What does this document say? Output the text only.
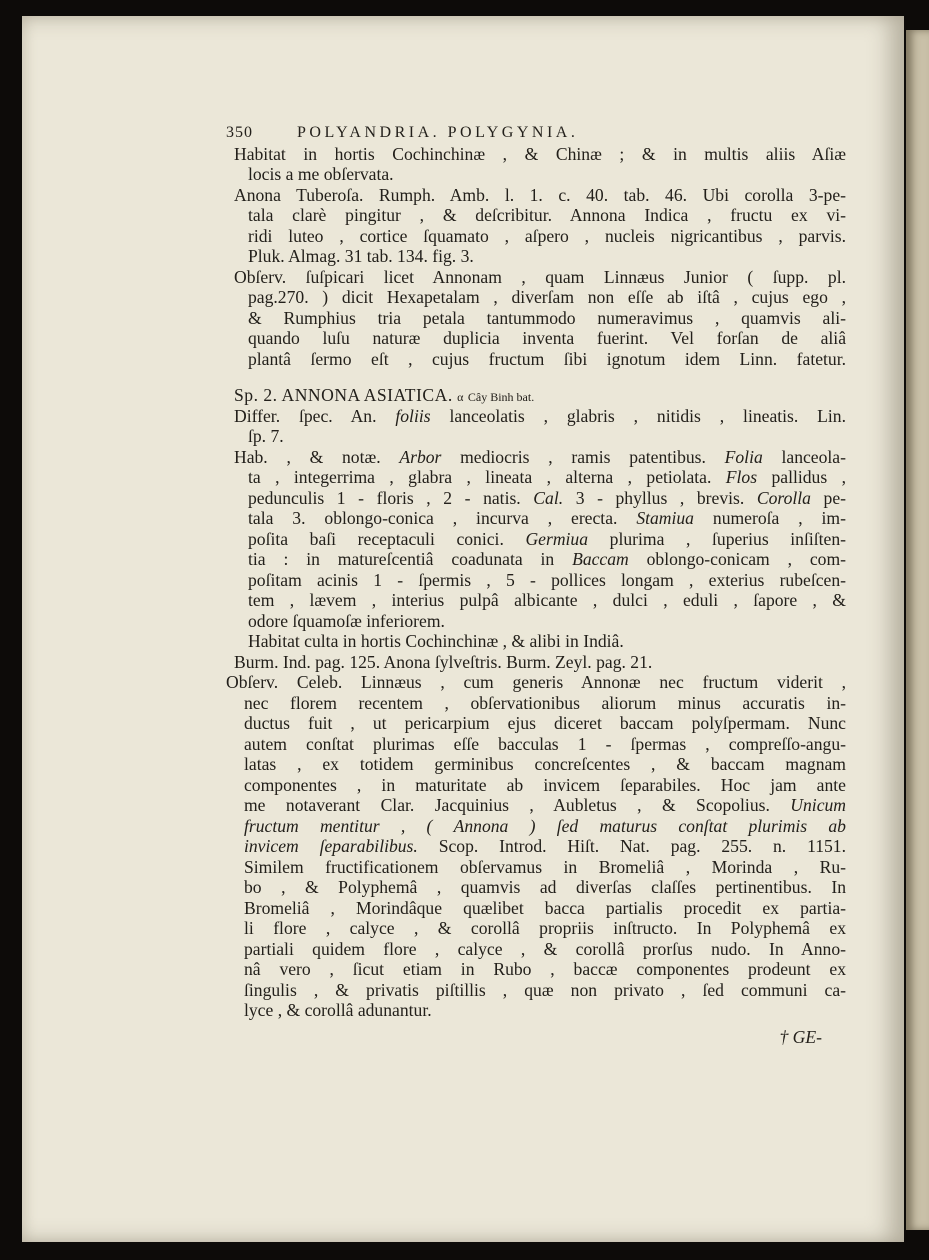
350	POLYANDRIA. POLYGYNIA.
Habitat in hortis Cochinchinæ , & Chinæ ; & in multis aliis Aſiæ
locis a me obſervata.
Anona Tuberoſa. Rumph. Amb. l. 1. c. 40. tab. 46. Ubi corolla 3-pe-
tala clarè pingitur , & deſcribitur. Annona Indica , fructu ex vi-
ridi luteo , cortice ſquamato , aſpero , nucleis nigricantibus , parvis.
Pluk. Almag. 31 tab. 134. fig. 3.
Obſerv. ſuſpicari licet Annonam , quam Linnæus Junior ( ſupp. pl.
pag.270. ) dicit Hexapetalam , diverſam non eſſe ab iſtâ , cujus ego ,
& Rumphius tria petala tantummodo numeravimus , quamvis ali-
quando luſu naturæ duplicia inventa fuerint. Vel forſan de aliâ
plantâ ſermo eſt , cujus fructum ſibi ignotum idem Linn. fatetur.
Sp. 2. ANNONA ASIATICA. α Cây Binh bat.
Differ. ſpec. An. foliis lanceolatis , glabris , nitidis , lineatis. Lin.
ſp. 7.
Hab. , & notæ. Arbor mediocris , ramis patentibus. Folia lanceola-
ta , integerrima , glabra , lineata , alterna , petiolata. Flos pallidus ,
pedunculis 1 - floris , 2 - natis. Cal. 3 - phyllus , brevis. Corolla pe-
tala 3. oblongo-conica , incurva , erecta. Stamiua numeroſa , im-
poſita baſi receptaculi conici. Germiua plurima , ſuperius inſiſten-
tia : in matureſcentiâ coadunata in Baccam oblongo-conicam , com-
poſitam acinis 1 - ſpermis , 5 - pollices longam , exterius rubeſcen-
tem , lævem , interius pulpâ albicante , dulci , eduli , ſapore , &
odore ſquamoſæ inferiorem.
Habitat culta in hortis Cochinchinæ , & alibi in Indiâ.
Burm. Ind. pag. 125. Anona ſylveſtris. Burm. Zeyl. pag. 21.
Obſerv. Celeb. Linnæus , cum generis Annonæ nec fructum viderit ,
nec florem recentem , obſervationibus aliorum minus accuratis in-
ductus fuit , ut pericarpium ejus diceret baccam polyſpermam. Nunc
autem conſtat plurimas eſſe bacculas 1 - ſpermas , compreſſo-angu-
latas , ex totidem germinibus concreſcentes , & baccam magnam
componentes , in maturitate ab invicem ſeparabiles. Hoc jam ante
me notaverant Clar. Jacquinius , Aubletus , & Scopolius. Unicum
fructum mentitur , ( Annona ) ſed maturus conſtat plurimis ab
invicem ſeparabilibus. Scop. Introd. Hiſt. Nat. pag. 255. n. 1151.
Similem fructificationem obſervamus in Bromeliâ , Morinda , Ru-
bo , & Polyphemâ , quamvis ad diverſas claſſes pertinentibus. In
Bromeliâ , Morindâque quælibet bacca partialis procedit ex partia-
li flore , calyce , & corollâ propriis inſtructo. In Polyphemâ ex
partiali quidem flore , calyce , & corollâ prorſus nudo. In Anno-
nâ vero , ſicut etiam in Rubo , baccæ componentes prodeunt ex
ſingulis , & privatis piſtillis , quæ non privato , ſed communi ca-
lyce , & corollâ adunantur.
† GE-
